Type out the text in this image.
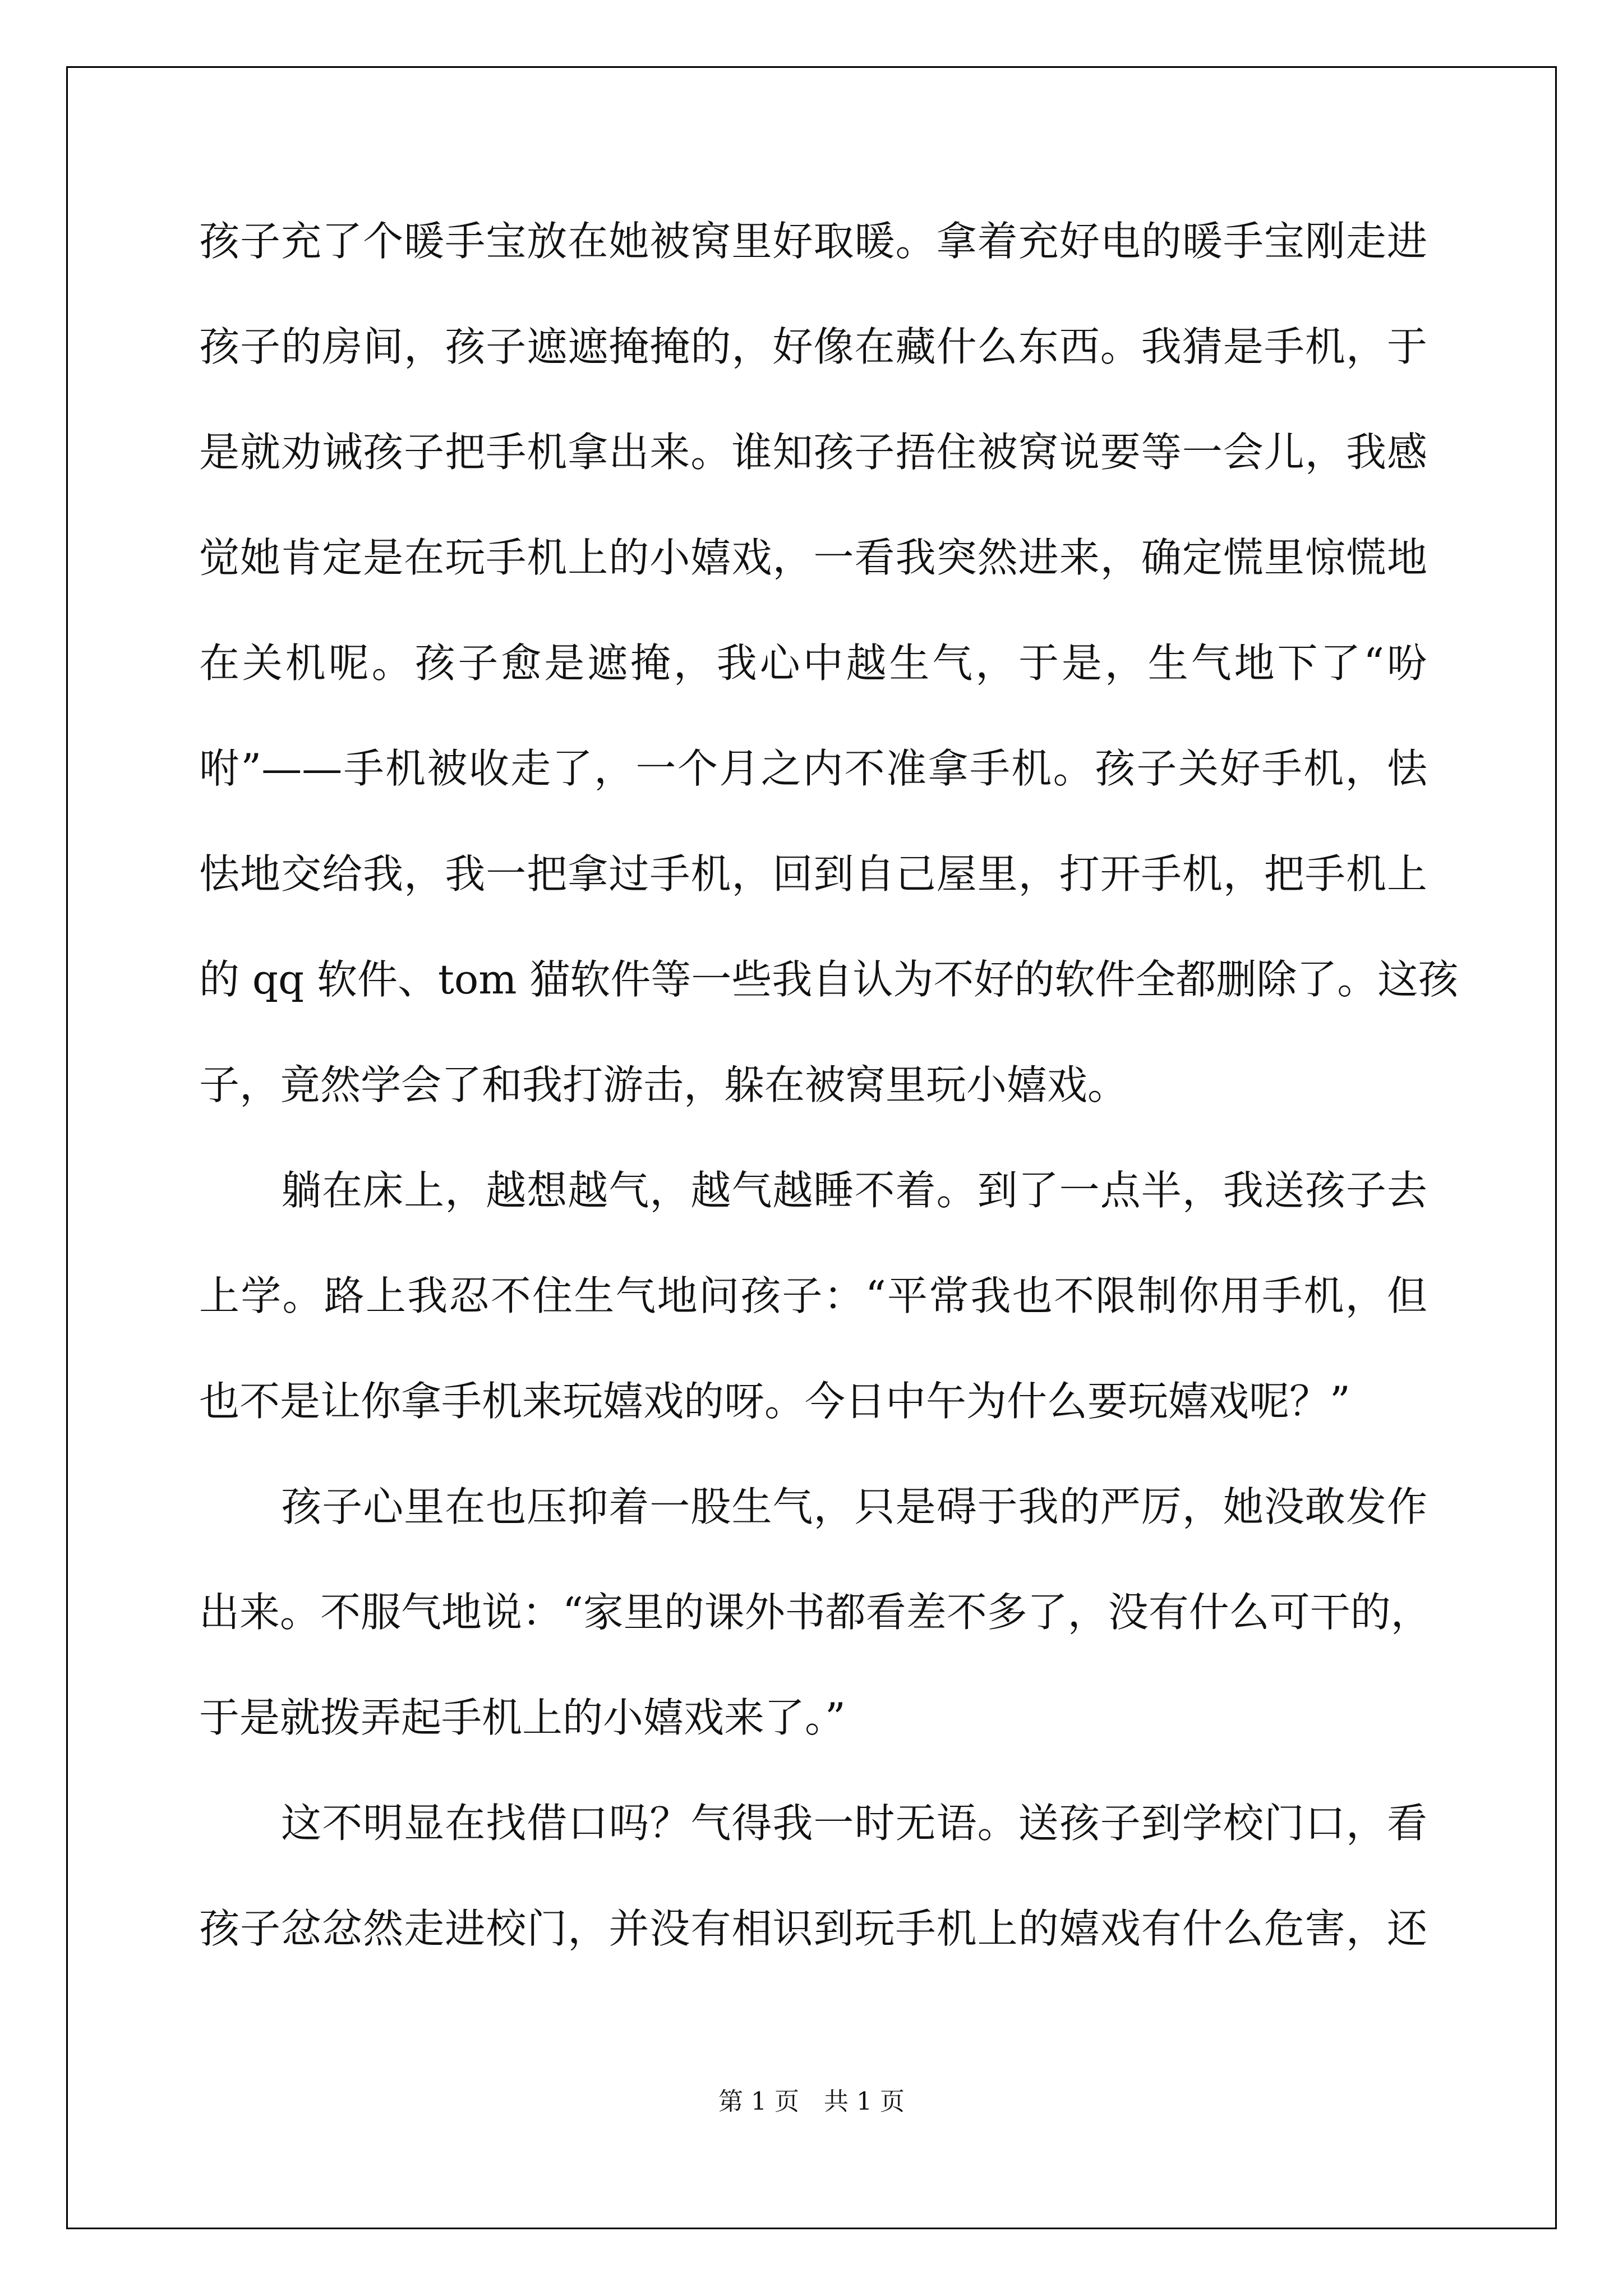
孩子充了个暖手宝放在她被窝里好取暖。拿着充好电的暖手宝刚走进
孩子的房间，孩子遮遮掩掩的，好像在藏什么东西。我猜是手机，于
是就劝诫孩子把手机拿出来。谁知孩子捂住被窝说要等一会儿，我感
觉她肯定是在玩手机上的小嬉戏，一看我突然进来，确定慌里惊慌地
在关机呢。孩子愈是遮掩，我心中越生气，于是，生气地下了“吩
咐”——手机被收走了，一个月之内不准拿手机。孩子关好手机，怯
怯地交给我，我一把拿过手机，回到自己屋里，打开手机，把手机上
的 qq 软件、tom 猫软件等一些我自认为不好的软件全都删除了。这孩
子，竟然学会了和我打游击，躲在被窝里玩小嬉戏。
　　躺在床上，越想越气，越气越睡不着。到了一点半，我送孩子去
上学。路上我忍不住生气地问孩子：“平常我也不限制你用手机，但
也不是让你拿手机来玩嬉戏的呀。今日中午为什么要玩嬉戏呢？”
　　孩子心里在也压抑着一股生气，只是碍于我的严厉，她没敢发作
出来。不服气地说：“家里的课外书都看差不多了，没有什么可干的，
于是就拨弄起手机上的小嬉戏来了。”
　　这不明显在找借口吗？气得我一时无语。送孩子到学校门口，看
孩子忿忿然走进校门，并没有相识到玩手机上的嬉戏有什么危害，还
第 1 页　共 1 页
